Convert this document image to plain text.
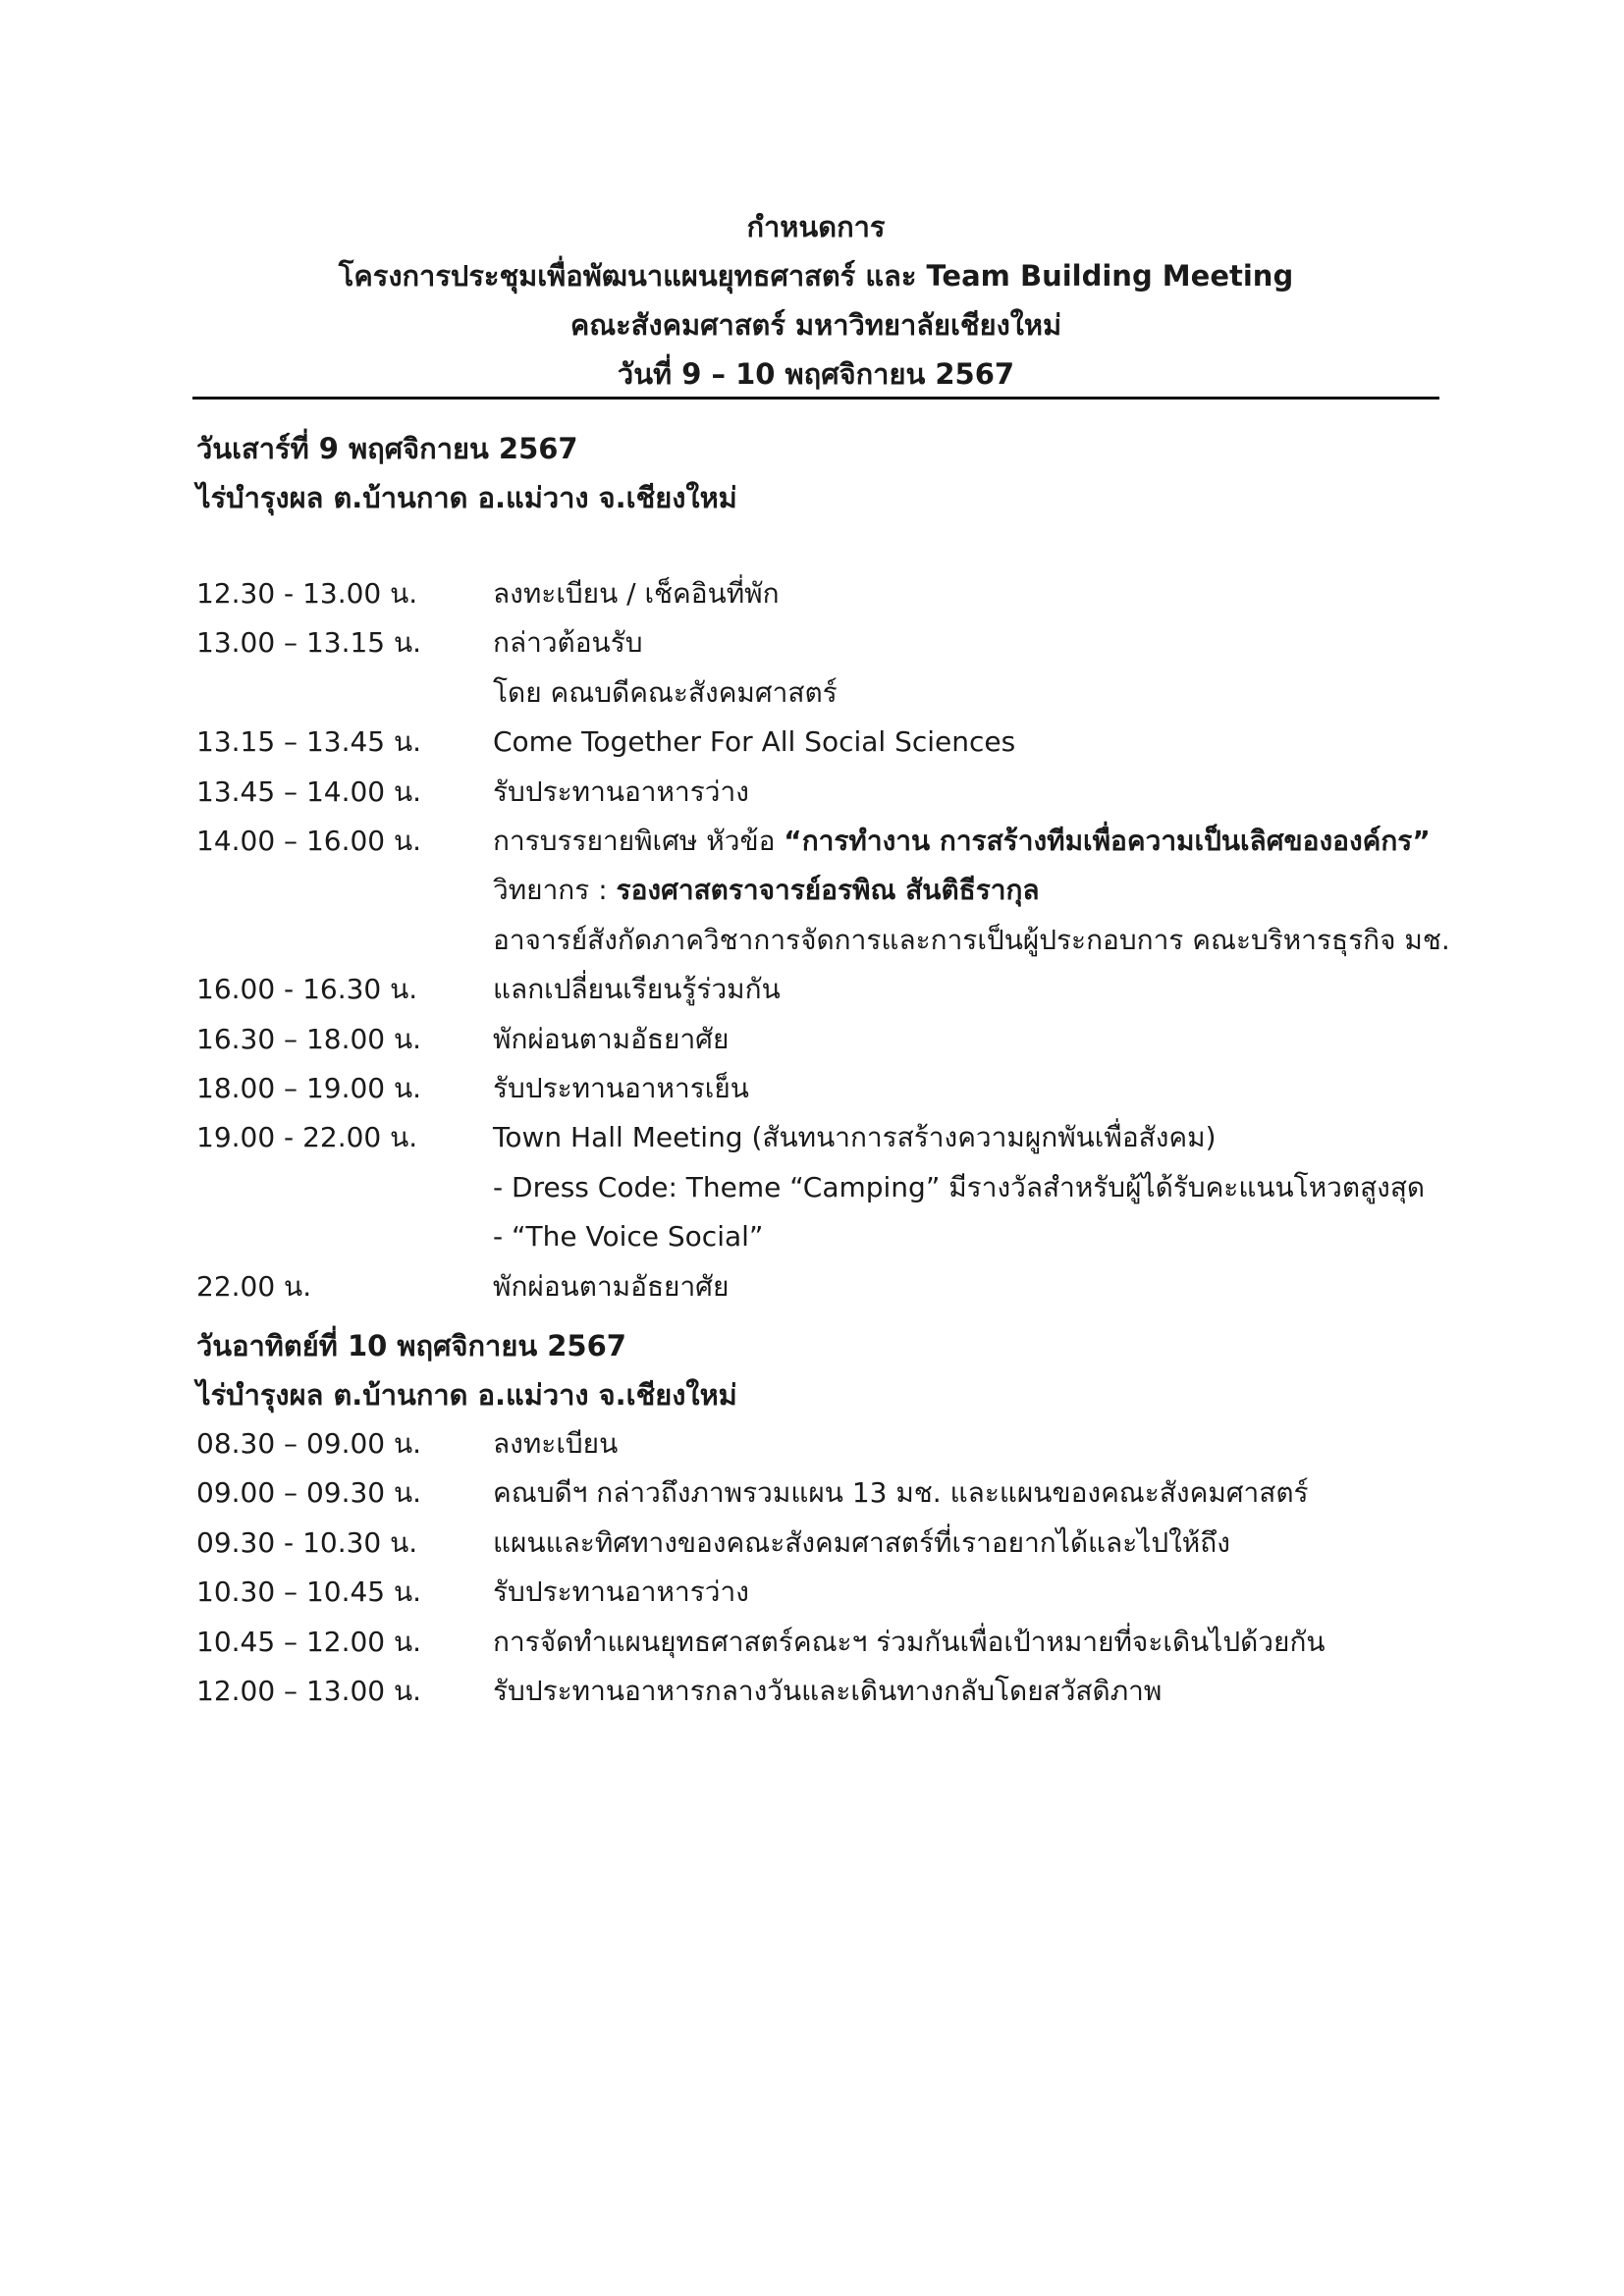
กำหนดการ
โครงการประชุมเพื่อพัฒนาแผนยุทธศาสตร์ และ Team Building Meeting
คณะสังคมศาสตร์ มหาวิทยาลัยเชียงใหม่
วันที่ 9 – 10 พฤศจิกายน 2567
วันเสาร์ที่ 9 พฤศจิกายน 2567
ไร่บำรุงผล ต.บ้านกาด อ.แม่วาง จ.เชียงใหม่
12.30 - 13.00 น.	ลงทะเบียน / เช็คอินที่พัก
13.00 – 13.15 น.	กล่าวต้อนรับ
โดย คณบดีคณะสังคมศาสตร์
13.15 – 13.45 น.	Come Together For All Social Sciences
13.45 – 14.00 น.	รับประทานอาหารว่าง
14.00 – 16.00 น.	การบรรยายพิเศษ หัวข้อ “การทำงาน การสร้างทีมเพื่อความเป็นเลิศขององค์กร”
วิทยากร : รองศาสตราจารย์อรพิณ สันติธีรากุล
อาจารย์สังกัดภาควิชาการจัดการและการเป็นผู้ประกอบการ คณะบริหารธุรกิจ มช.
16.00 - 16.30 น.	แลกเปลี่ยนเรียนรู้ร่วมกัน
16.30 – 18.00 น.	พักผ่อนตามอัธยาศัย
18.00 – 19.00 น.	รับประทานอาหารเย็น
19.00 - 22.00 น.	Town Hall Meeting (สันทนาการสร้างความผูกพันเพื่อสังคม)
- Dress Code: Theme “Camping” มีรางวัลสำหรับผู้ได้รับคะแนนโหวตสูงสุด
- “The Voice Social”
22.00 น.	พักผ่อนตามอัธยาศัย
วันอาทิตย์ที่ 10 พฤศจิกายน 2567
ไร่บำรุงผล ต.บ้านกาด อ.แม่วาง จ.เชียงใหม่
08.30 – 09.00 น.	ลงทะเบียน
09.00 – 09.30 น.	คณบดีฯ กล่าวถึงภาพรวมแผน 13 มช. และแผนของคณะสังคมศาสตร์
09.30 - 10.30 น.	แผนและทิศทางของคณะสังคมศาสตร์ที่เราอยากได้และไปให้ถึง
10.30 – 10.45 น.	รับประทานอาหารว่าง
10.45 – 12.00 น.	การจัดทำแผนยุทธศาสตร์คณะฯ ร่วมกันเพื่อเป้าหมายที่จะเดินไปด้วยกัน
12.00 – 13.00 น.	รับประทานอาหารกลางวันและเดินทางกลับโดยสวัสดิภาพ
